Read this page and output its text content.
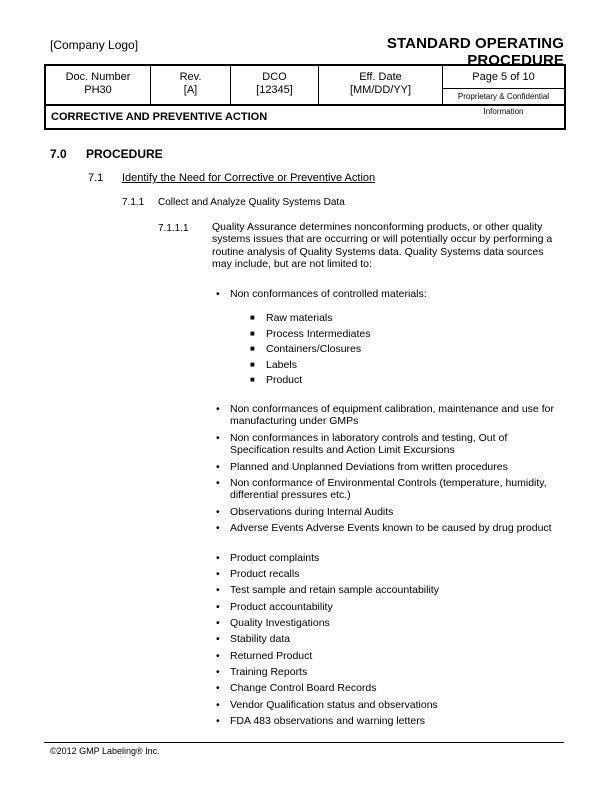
[Company Logo]	STANDARD OPERATING PROCEDURE
Doc. Number
PH30
Rev.
[A]
DCO
[12345]
Eff. Date
[MM/DD/YY]
Page 5 of 10
Proprietary & Confidential Information
CORRECTIVE AND PREVENTIVE ACTION
7.0 PROCEDURE
7.1 Identify the Need for Corrective or Preventive Action
7.1.1 Collect and Analyze Quality Systems Data
7.1.1.1 Quality Assurance determines nonconforming products, or other quality systems issues that are occurring or will potentially occur by performing a routine analysis of Quality Systems data. Quality Systems data sources may include, but are not limited to:
• Non conformances of controlled materials:
■ Raw materials
■ Process Intermediates
■ Containers/Closures
■ Labels
■ Product
• Non conformances of equipment calibration, maintenance and use for manufacturing under GMPs
• Non conformances in laboratory controls and testing, Out of Specification results and Action Limit Excursions
• Planned and Unplanned Deviations from written procedures
• Non conformance of Environmental Controls (temperature, humidity, differential pressures etc.)
• Observations during Internal Audits
• Adverse Events Adverse Events known to be caused by drug product
• Product complaints
• Product recalls
• Test sample and retain sample accountability
• Product accountability
• Quality Investigations
• Stability data
• Returned Product
• Training Reports
• Change Control Board Records
• Vendor Qualification status and observations
• FDA 483 observations and warning letters
©2012 GMP Labeling® Inc.
